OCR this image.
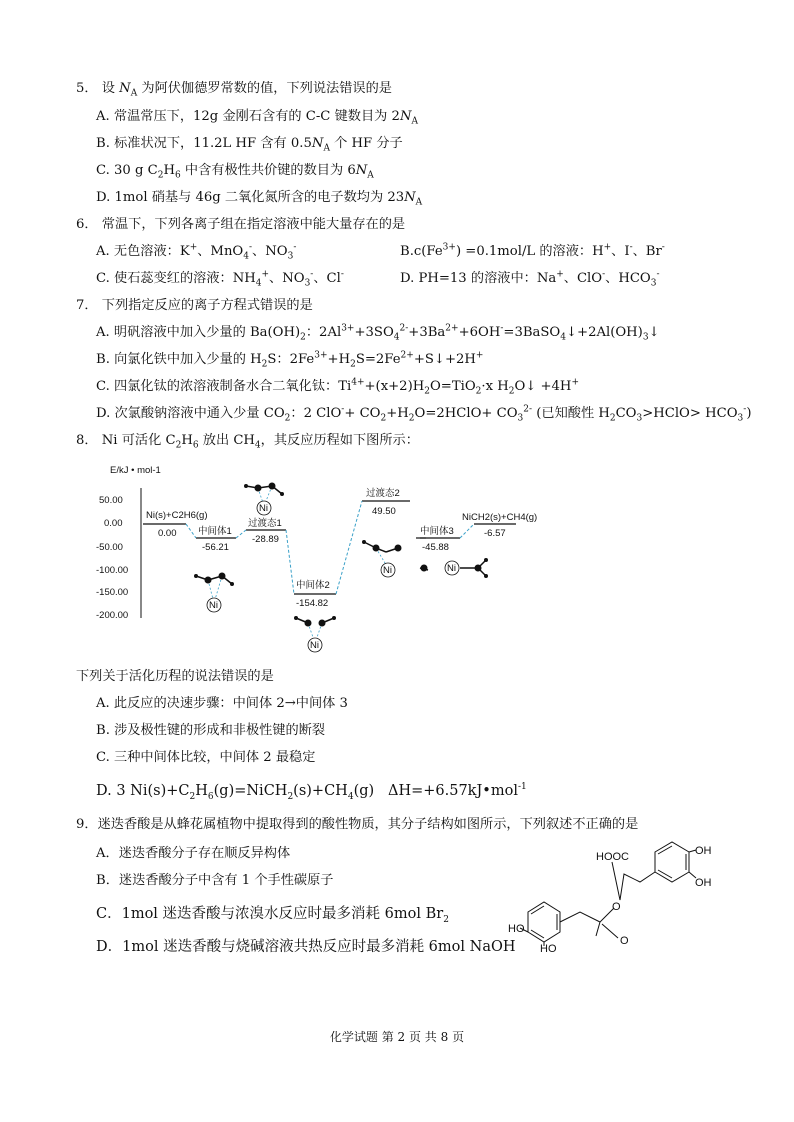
5． 设 $N_A$ 为阿伏伽德罗常数的值，下列说法错误的是
A. 常温常压下，12g 金刚石含有的 C-C 键数目为 $2N_A$
B. 标准状况下，11.2L HF 含有 $0.5N_A$ 个 HF 分子
C. 30 g $C_2H_6$ 中含有极性共价键的数目为 $6N_A$
D. 1mol 硝基与 46g 二氧化氮所含的电子数均为 $23N_A$
6． 常温下，下列各离子组在指定溶液中能大量存在的是
A. 无色溶液：K+、MnO$_4$-、$NO_3^-$	$B.c(Fe^{3+}) =0.1mol/L$ 的溶液：H+、I-、Br-
C. 使石蕊变红的溶液：$NH_4^+$、$NO_3^-$、Cl-	D. PH=13 的溶液中：Na+、ClO-、$HCO_3^-$
7． 下列指定反应的离子方程式错误的是
A. 明矾溶液中加入少量的 $Ba(OH)_2$：$2Al^{3+}+3SO_4^{2-}+3Ba^{2+}+6OH^-=3BaSO_4↓+2Al(OH)_3↓$
B. 向氯化铁中加入少量的 $H_2S$：$2Fe^{3+}+H_2S=2Fe^{2+}+S↓+2H^+$
C. 四氯化钛的浓溶液制备水合二氧化钛：$Ti^{4+}+(x+2)H_2O=TiO_2\cdot x$ $H_2O↓ +4H^+$
D. 次氯酸钠溶液中通入少量 $CO_2$：2 $ClO^-+ CO_2+H_2O=2HClO+ CO_3^{2-}$ (已知酸性 $H_2CO_3>HClO> HCO_3^-$)
8． Ni 可活化 $C_2H_6$ 放出 $CH_4$，其反应历程如下图所示：
E/kJ • mol-1
50.00
0.00
-50.00
-100.00
-150.00
-200.00
Ni(s)+C2H6(g)
0.00 中间体1
-56.21
过渡态1
-28.89
中间体2
-154.82
过渡态2
49.50
Ni
Ni
Ni
Ni
中间体3
-45.88
NiCH2(s)+CH4(g)
-6.57
Ni
下列关于活化历程的说法错误的是
A. 此反应的决速步骤：中间体 2→中间体 3
B. 涉及极性键的形成和非极性键的断裂
C. 三种中间体比较，中间体 2 最稳定
D. 3 $Ni(s)+C_2H_6(g)=NiCH_2(s)+CH_4(g)$   ΔH=+6.57kJ•mol$^{-1}$
9．迷迭香酸是从蜂花属植物中提取得到的酸性物质，其分子结构如图所示，下列叙述不正确的是
A．迷迭香酸分子存在顺反异构体
B．迷迭香酸分子中含有 1 个手性碳原子
C．1mol 迷迭香酸与浓溴水反应时最多消耗 6mol $Br_2$
D．1mol 迷迭香酸与烧碱溶液共热反应时最多消耗 6mol NaOH
HOOC	OH
OH
HO
HO
O
O
化学试题 第 2 页 共 8 页
